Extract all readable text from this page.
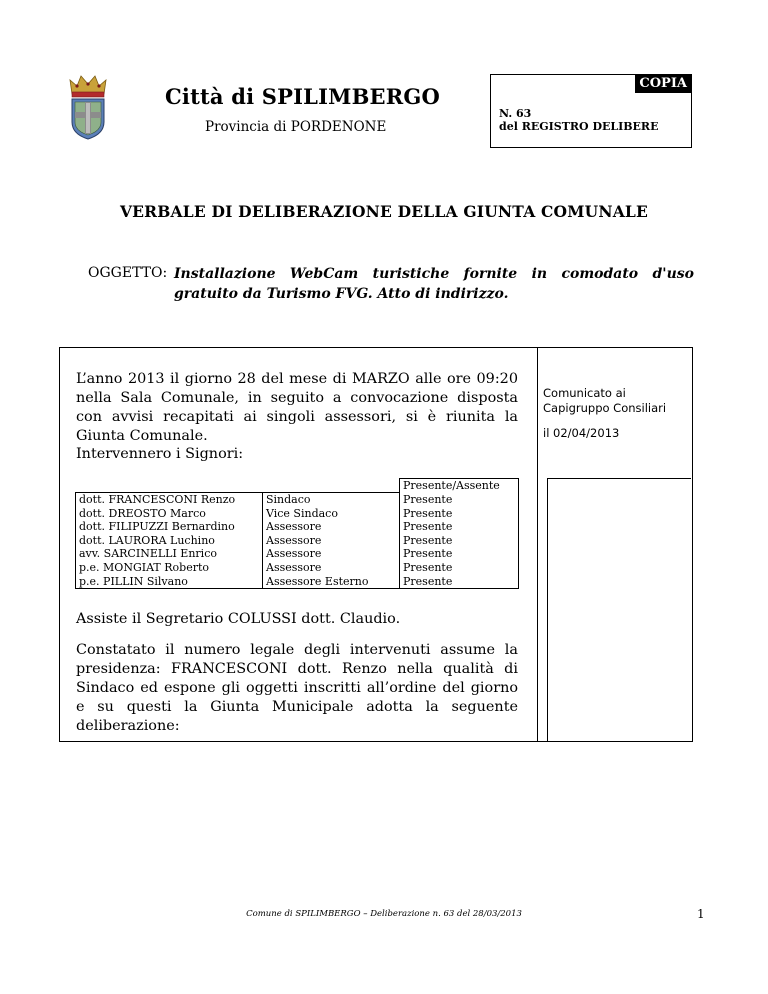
Città di SPILIMBERGO
Provincia di PORDENONE
COPIA
N. 63
del REGISTRO DELIBERE
VERBALE DI DELIBERAZIONE DELLA GIUNTA COMUNALE
OGGETTO: Installazione WebCam turistiche fornite in comodato d'uso gratuito da Turismo FVG. Atto di indirizzo.
L’anno 2013 il giorno 28 del mese di MARZO alle ore 09:20 nella Sala Comunale, in seguito a convocazione disposta con avvisi recapitati ai singoli assessori, si è riunita la Giunta Comunale.
Intervennero i Signori:
Comunicato ai Capigruppo Consiliari
il 02/04/2013
		Presente/Assente
dott. FRANCESCONI Renzo	Sindaco	Presente
dott. DREOSTO Marco	Vice Sindaco	Presente
dott. FILIPUZZI Bernardino	Assessore	Presente
dott. LAURORA Luchino	Assessore	Presente
avv. SARCINELLI Enrico	Assessore	Presente
p.e. MONGIAT Roberto	Assessore	Presente
p.e. PILLIN Silvano	Assessore Esterno	Presente
Assiste il Segretario COLUSSI dott. Claudio.
Constatato il numero legale degli intervenuti assume la presidenza: FRANCESCONI dott. Renzo nella qualità di Sindaco ed espone gli oggetti inscritti all’ordine del giorno e su questi la Giunta Municipale adotta la seguente deliberazione:
Comune di SPILIMBERGO – Deliberazione n. 63 del 28/03/2013	1
